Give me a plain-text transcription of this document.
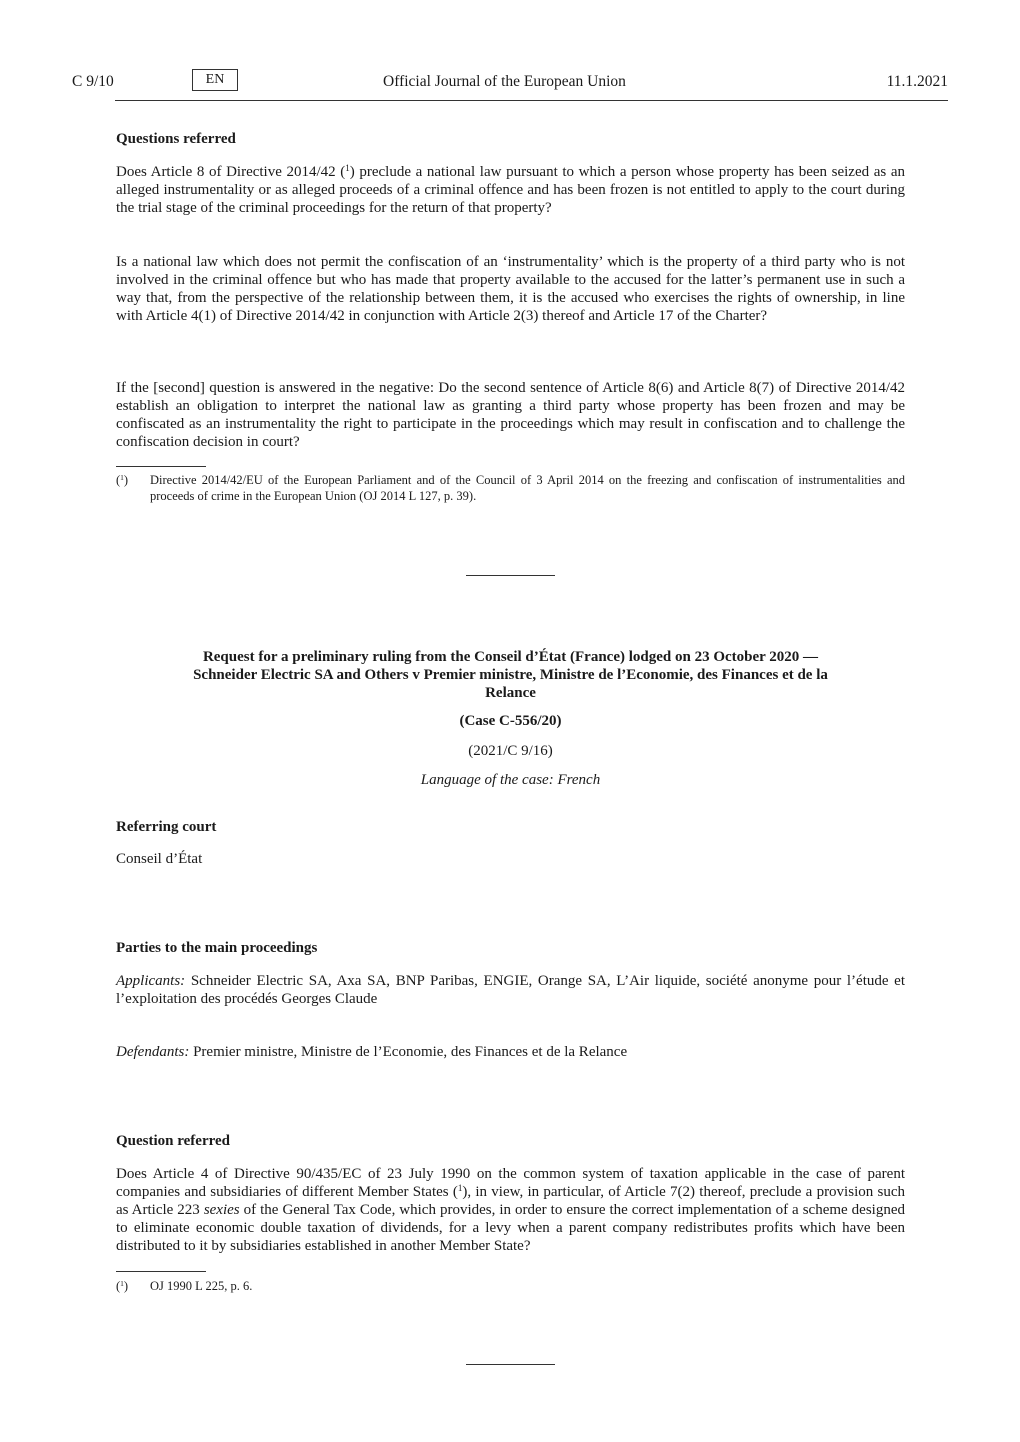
C 9/10	EN	Official Journal of the European Union	11.1.2021
Questions referred
Does Article 8 of Directive 2014/42 ($^1$) preclude a national law pursuant to which a person whose property has been seized as an alleged instrumentality or as alleged proceeds of a criminal offence and has been frozen is not entitled to apply to the court during the trial stage of the criminal proceedings for the return of that property?
Is a national law which does not permit the confiscation of an ‘instrumentality’ which is the property of a third party who is not involved in the criminal offence but who has made that property available to the accused for the latter’s permanent use in such a way that, from the perspective of the relationship between them, it is the accused who exercises the rights of ownership, in line with Article 4(1) of Directive 2014/42 in conjunction with Article 2(3) thereof and Article 17 of the Charter?
If the [second] question is answered in the negative: Do the second sentence of Article 8(6) and Article 8(7) of Directive 2014/42 establish an obligation to interpret the national law as granting a third party whose property has been frozen and may be confiscated as an instrumentality the right to participate in the proceedings which may result in confiscation and to challenge the confiscation decision in court?
($^1$) Directive 2014/42/EU of the European Parliament and of the Council of 3 April 2014 on the freezing and confiscation of instrumentalities and proceeds of crime in the European Union (OJ 2014 L 127, p. 39).
Request for a preliminary ruling from the Conseil d’État (France) lodged on 23 October 2020 —
Schneider Electric SA and Others v Premier ministre, Ministre de l’Economie, des Finances et de la
Relance
(Case C-556/20)
(2021/C 9/16)
Language of the case: French
Referring court
Conseil d’État
Parties to the main proceedings
Applicants: Schneider Electric SA, Axa SA, BNP Paribas, ENGIE, Orange SA, L’Air liquide, société anonyme pour l’étude et l’exploitation des procédés Georges Claude
Defendants: Premier ministre, Ministre de l’Economie, des Finances et de la Relance
Question referred
Does Article 4 of Directive 90/435/EC of 23 July 1990 on the common system of taxation applicable in the case of parent companies and subsidiaries of different Member States ($^1$), in view, in particular, of Article 7(2) thereof, preclude a provision such as Article 223 sexies of the General Tax Code, which provides, in order to ensure the correct implementation of a scheme designed to eliminate economic double taxation of dividends, for a levy when a parent company redistributes profits which have been distributed to it by subsidiaries established in another Member State?
($^1$) OJ 1990 L 225, p. 6.
